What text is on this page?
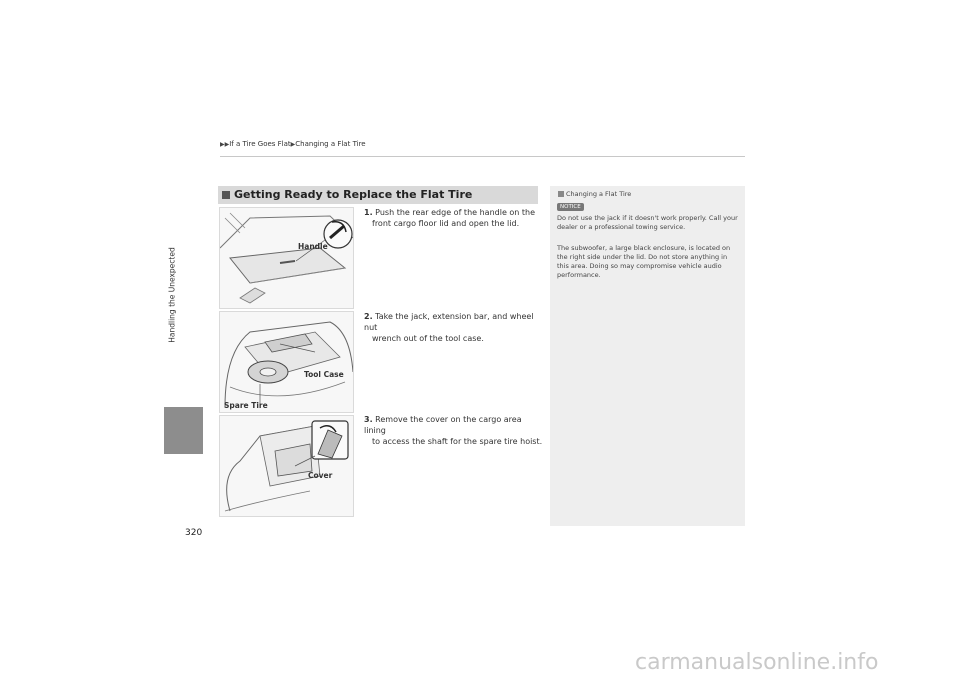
▶▶If a Tire Goes Flat▶Changing a Flat Tire
Handling the Unexpected
320
Getting Ready to Replace the Flat Tire
Handle
Tool Case
Spare Tire
Cover
1. Push the rear edge of the handle on the
front cargo floor lid and open the lid.
2. Take the jack, extension bar, and wheel nut
wrench out of the tool case.
3. Remove the cover on the cargo area lining
to access the shaft for the spare tire hoist.
Changing a Flat Tire
NOTICE
Do not use the jack if it doesn't work properly. Call your dealer or a professional towing service.
The subwoofer, a large black enclosure, is located on the right side under the lid. Do not store anything in this area. Doing so may compromise vehicle audio performance.
carmanualsonline.info
